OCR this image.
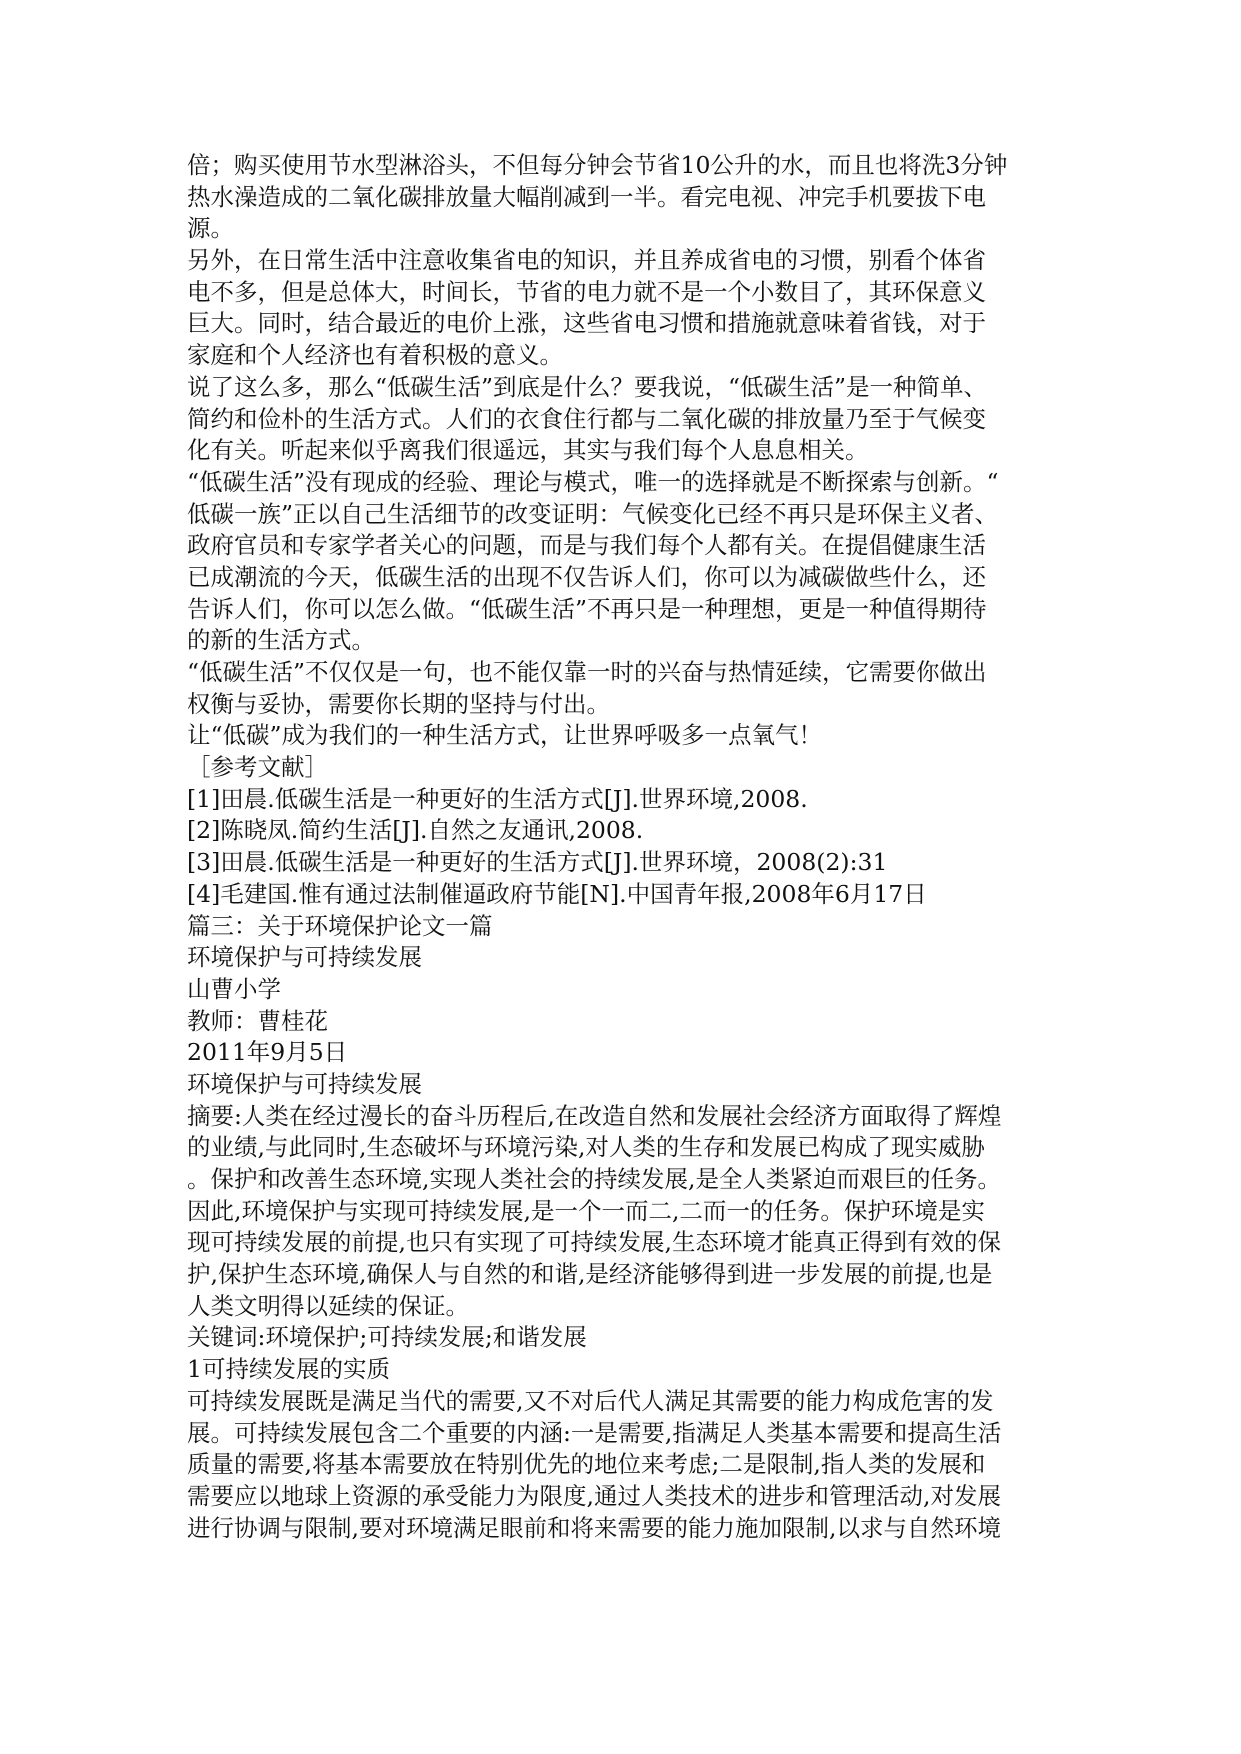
倍；购买使用节水型淋浴头，不但每分钟会节省10公升的水，而且也将洗3分钟
热水澡造成的二氧化碳排放量大幅削减到一半。看完电视、冲完手机要拔下电
源。
另外，在日常生活中注意收集省电的知识，并且养成省电的习惯，别看个体省
电不多，但是总体大，时间长，节省的电力就不是一个小数目了，其环保意义
巨大。同时，结合最近的电价上涨，这些省电习惯和措施就意味着省钱，对于
家庭和个人经济也有着积极的意义。
说了这么多，那么“低碳生活”到底是什么？要我说，“低碳生活”是一种简单、
简约和俭朴的生活方式。人们的衣食住行都与二氧化碳的排放量乃至于气候变
化有关。听起来似乎离我们很遥远，其实与我们每个人息息相关。
“低碳生活”没有现成的经验、理论与模式，唯一的选择就是不断探索与创新。“
低碳一族”正以自己生活细节的改变证明：气候变化已经不再只是环保主义者、
政府官员和专家学者关心的问题，而是与我们每个人都有关。在提倡健康生活
已成潮流的今天，低碳生活的出现不仅告诉人们，你可以为减碳做些什么，还
告诉人们，你可以怎么做。“低碳生活”不再只是一种理想，更是一种值得期待
的新的生活方式。
“低碳生活”不仅仅是一句，也不能仅靠一时的兴奋与热情延续，它需要你做出
权衡与妥协，需要你长期的坚持与付出。
让“低碳”成为我们的一种生活方式，让世界呼吸多一点氧气！
［参考文献］
[1]田晨.低碳生活是一种更好的生活方式[J].世界环境,2008.
[2]陈晓凤.简约生活[J].自然之友通讯,2008.
[3]田晨.低碳生活是一种更好的生活方式[J].世界环境，2008(2):31
[4]毛建国.惟有通过法制催逼政府节能[N].中国青年报,2008年6月17日
篇三：关于环境保护论文一篇
环境保护与可持续发展
山曹小学
教师：曹桂花
2011年9月5日
环境保护与可持续发展
摘要:人类在经过漫长的奋斗历程后,在改造自然和发展社会经济方面取得了辉煌
的业绩,与此同时,生态破坏与环境污染,对人类的生存和发展已构成了现实威胁
。保护和改善生态环境,实现人类社会的持续发展,是全人类紧迫而艰巨的任务。
因此,环境保护与实现可持续发展,是一个一而二,二而一的任务。保护环境是实
现可持续发展的前提,也只有实现了可持续发展,生态环境才能真正得到有效的保
护,保护生态环境,确保人与自然的和谐,是经济能够得到进一步发展的前提,也是
人类文明得以延续的保证。
关键词:环境保护;可持续发展;和谐发展
1可持续发展的实质
可持续发展既是满足当代的需要,又不对后代人满足其需要的能力构成危害的发
展。可持续发展包含二个重要的内涵:一是需要,指满足人类基本需要和提高生活
质量的需要,将基本需要放在特别优先的地位来考虑;二是限制,指人类的发展和
需要应以地球上资源的承受能力为限度,通过人类技术的进步和管理活动,对发展
进行协调与限制,要对环境满足眼前和将来需要的能力施加限制,以求与自然环境
